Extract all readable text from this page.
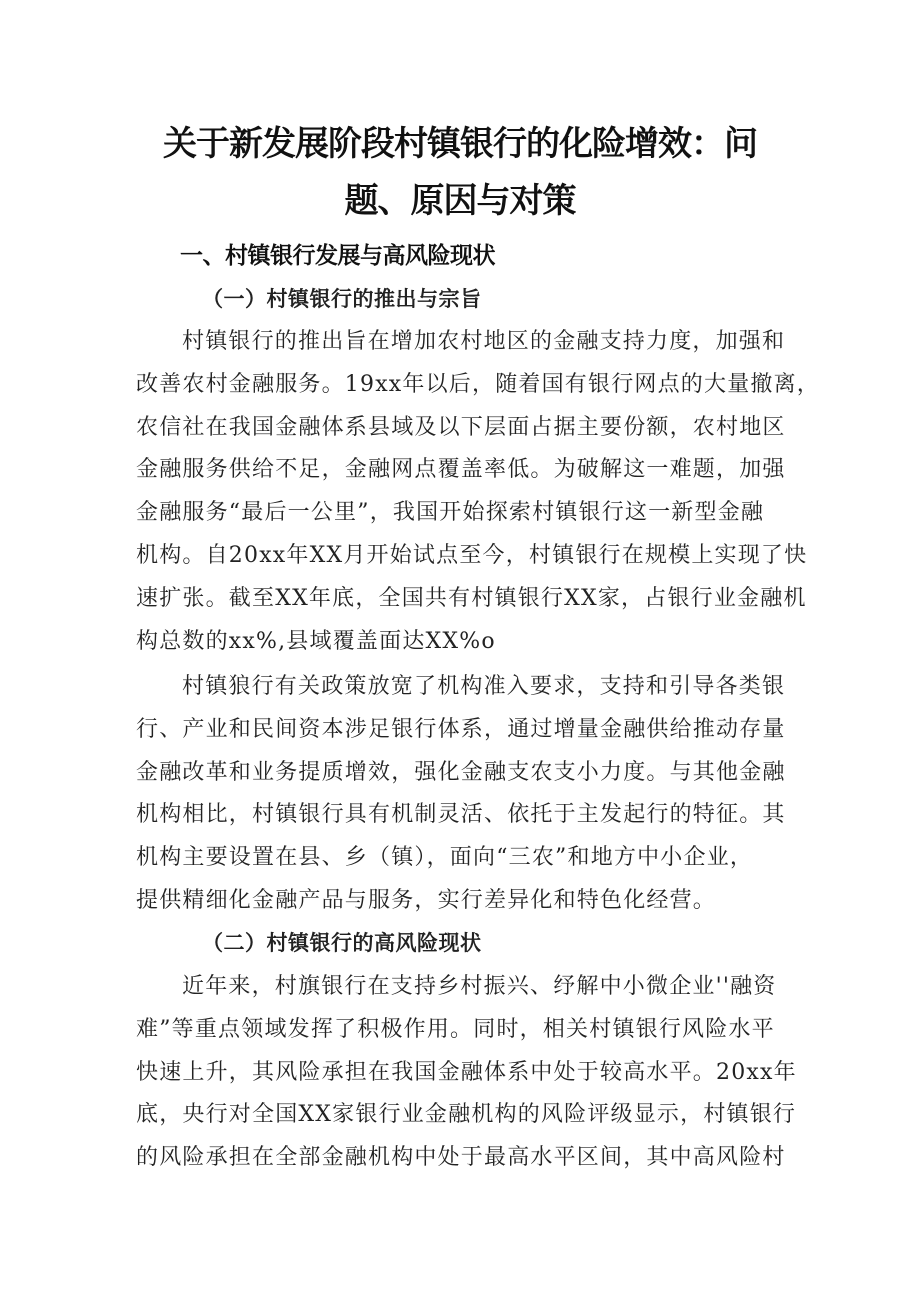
关于新发展阶段村镇银行的化险增效：问
题、原因与对策
一、村镇银行发展与高风险现状
（一）村镇银行的推出与宗旨
村镇银行的推出旨在增加农村地区的金融支持力度，加强和
改善农村金融服务。19xx年以后，随着国有银行网点的大量撤离，
农信社在我国金融体系县域及以下层面占据主要份额，农村地区
金融服务供给不足，金融网点覆盖率低。为破解这一难题，加强
金融服务“最后一公里”，我国开始探索村镇银行这一新型金融
机构。自20xx年XX月开始试点至今，村镇银行在规模上实现了快
速扩张。截至XX年底，全国共有村镇银行XX家，占银行业金融机
构总数的xx%,县域覆盖面达XX%o
村镇狼行有关政策放宽了机构准入要求，支持和引导各类银
行、产业和民间资本涉足银行体系，通过增量金融供给推动存量
金融改革和业务提质增效，强化金融支农支小力度。与其他金融
机构相比，村镇银行具有机制灵活、依托于主发起行的特征。其
机构主要设置在县、乡（镇），面向“三农”和地方中小企业，
提供精细化金融产品与服务，实行差异化和特色化经营。
（二）村镇银行的高风险现状
近年来，村旗银行在支持乡村振兴、纾解中小微企业''融资
难”等重点领域发挥了积极作用。同时，相关村镇银行风险水平
快速上升，其风险承担在我国金融体系中处于较高水平。20xx年
底，央行对全国XX家银行业金融机构的风险评级显示，村镇银行
的风险承担在全部金融机构中处于最高水平区间，其中高风险村
